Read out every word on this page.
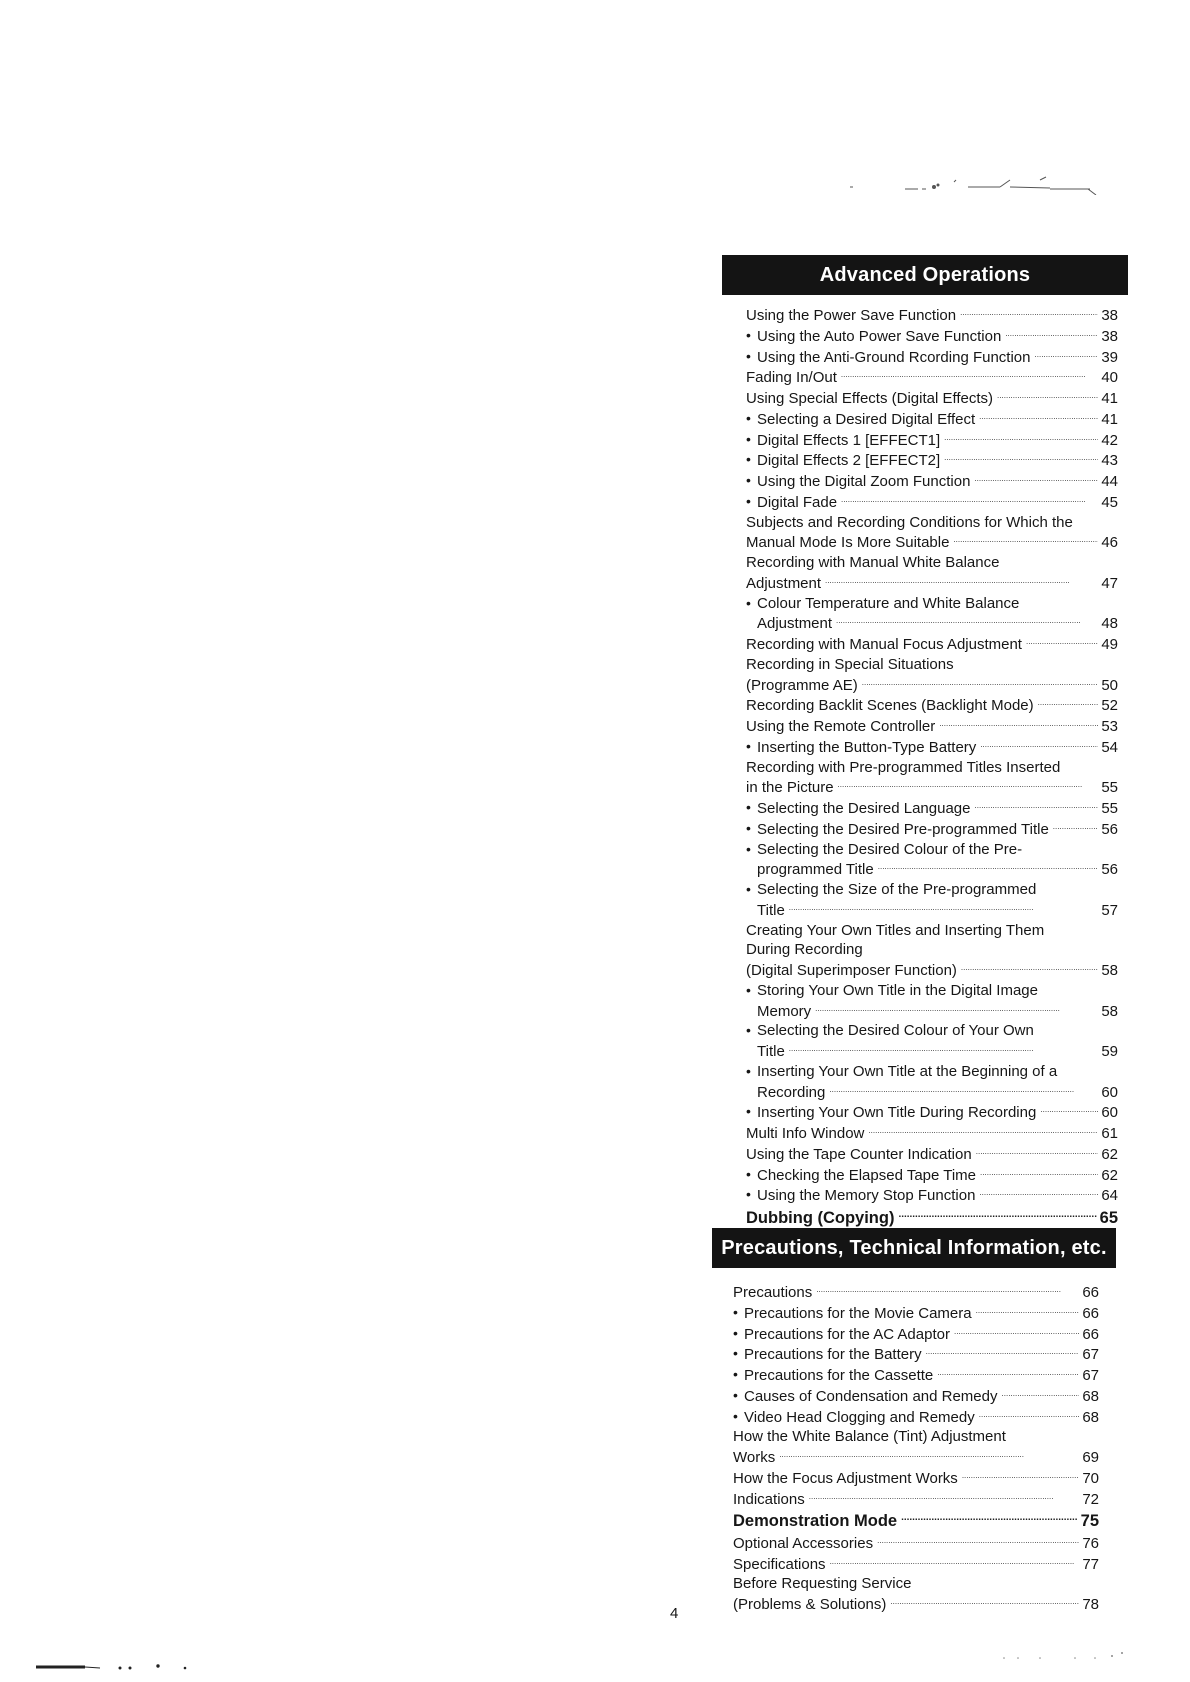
Advanced Operations
Using the Power Save Function . . .	38
• Using the Auto Power Save Function . . .	38
• Using the Anti-Ground Rcording Function . . .	39
Fading In/Out . . .	40
Using Special Effects (Digital Effects) . . .	41
• Selecting a Desired Digital Effect . . .	41
• Digital Effects 1 [EFFECT1] . . .	42
• Digital Effects 2 [EFFECT2] . . .	43
• Using the Digital Zoom Function . . .	44
• Digital Fade . . .	45
Subjects and Recording Conditions for Which the
Manual Mode Is More Suitable . . .	46
Recording with Manual White Balance
Adjustment . . .	47
• Colour Temperature and White Balance
Adjustment . . .	48
Recording with Manual Focus Adjustment . . .	49
Recording in Special Situations
(Programme AE) . . .	50
Recording Backlit Scenes (Backlight Mode) . . .	52
Using the Remote Controller . . .	53
• Inserting the Button-Type Battery . . .	54
Recording with Pre-programmed Titles Inserted
in the Picture . . .	55
• Selecting the Desired Language . . .	55
• Selecting the Desired Pre-programmed Title . . .	56
• Selecting the Desired Colour of the Pre-
programmed Title . . .	56
• Selecting the Size of the Pre-programmed
Title . . .	57
Creating Your Own Titles and Inserting Them
During Recording
(Digital Superimposer Function) . . .	58
• Storing Your Own Title in the Digital Image
Memory . . .	58
• Selecting the Desired Colour of Your Own
Title . . .	59
• Inserting Your Own Title at the Beginning of a
Recording . . .	60
• Inserting Your Own Title During Recording . . .	60
Multi Info Window . . .	61
Using the Tape Counter Indication . . .	62
• Checking the Elapsed Tape Time . . .	62
• Using the Memory Stop Function . . .	64
Dubbing (Copying) . . .	65
Precautions, Technical Information, etc.
Precautions . . .	66
• Precautions for the Movie Camera . . .	66
• Precautions for the AC Adaptor . . .	66
• Precautions for the Battery . . .	67
• Precautions for the Cassette . . .	67
• Causes of Condensation and Remedy . . .	68
• Video Head Clogging and Remedy . . .	68
How the White Balance (Tint) Adjustment
Works . . .	69
How the Focus Adjustment Works . . .	70
Indications . . .	72
Demonstration Mode . . .	75
Optional Accessories . . .	76
Specifications . . .	77
Before Requesting Service
(Problems & Solutions) . . .	78
4
